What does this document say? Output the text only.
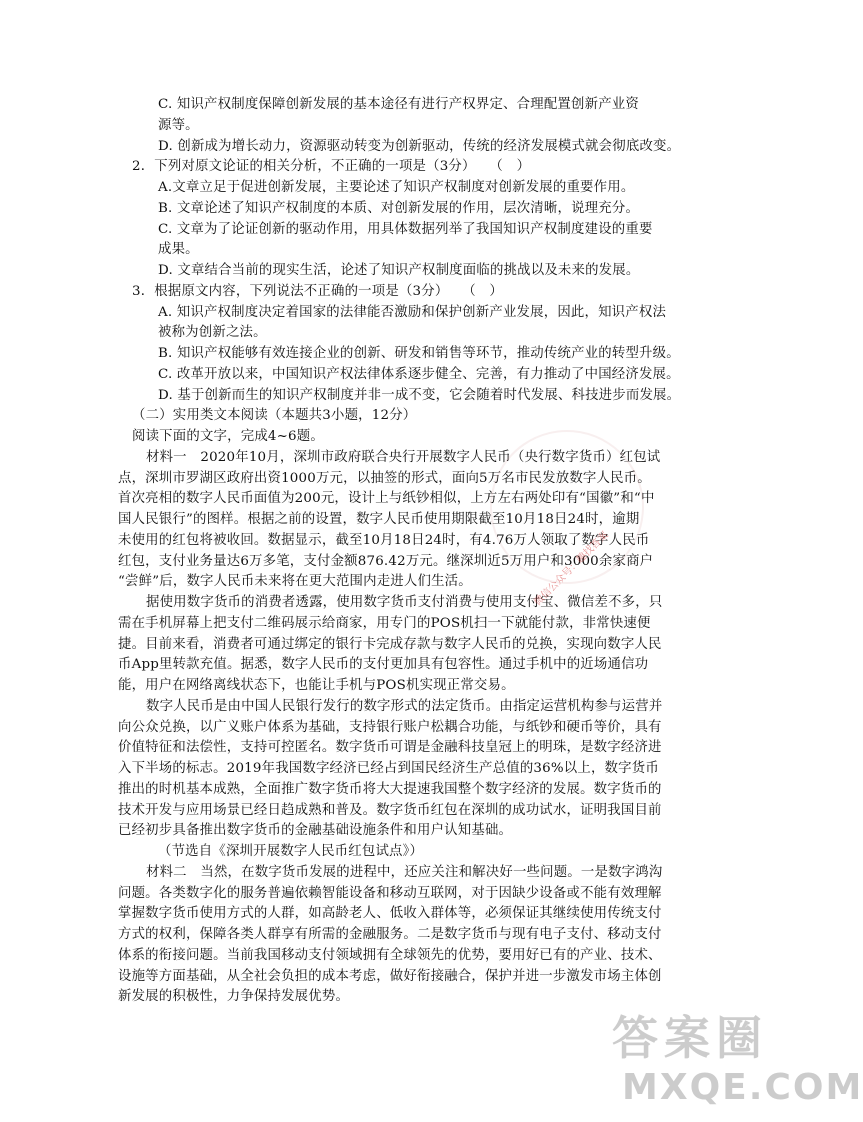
C. 知识产权制度保障创新发展的基本途径有进行产权界定、合理配置创新产业资
源等。
D. 创新成为增长动力，资源驱动转变为创新驱动，传统的经济发展模式就会彻底改变。
2．下列对原文论证的相关分析，不正确的一项是（3分）　　（　）
A.文章立足于促进创新发展，主要论述了知识产权制度对创新发展的重要作用。
B. 文章论述了知识产权制度的本质、对创新发展的作用，层次清晰，说理充分。
C. 文章为了论证创新的驱动作用，用具体数据列举了我国知识产权制度建设的重要
成果。
D. 文章结合当前的现实生活，论述了知识产权制度面临的挑战以及未来的发展。
3．根据原文内容，下列说法不正确的一项是（3分）　　（　）
A. 知识产权制度决定着国家的法律能否激励和保护创新产业发展，因此，知识产权法
被称为创新之法。
B. 知识产权能够有效连接企业的创新、研发和销售等环节，推动传统产业的转型升级。
C. 改革开放以来，中国知识产权法律体系逐步健全、完善，有力推动了中国经济发展。
D. 基于创新而生的知识产权制度并非一成不变，它会随着时代发展、科技进步而发展。
（二）实用类文本阅读（本题共3小题，12分）
阅读下面的文字，完成4~6题。
材料一　2020年10月，深圳市政府联合央行开展数字人民币（央行数字货币）红包试
点，深圳市罗湖区政府出资1000万元，以抽签的形式，面向5万名市民发放数字人民币。
首次亮相的数字人民币面值为200元，设计上与纸钞相似，上方左右两处印有“国徽”和“中
国人民银行”的图样。根据之前的设置，数字人民币使用期限截至10月18日24时，逾期
未使用的红包将被收回。数据显示，截至10月18日24时，有4.76万人领取了数字人民币
红包，支付业务量达6万多笔，支付金额876.42万元。继深圳近5万用户和3000余家商户
“尝鲜”后，数字人民币未来将在更大范围内走进人们生活。
据使用数字货币的消费者透露，使用数字货币支付消费与使用支付宝、微信差不多，只
需在手机屏幕上把支付二维码展示给商家，用专门的POS机扫一下就能付款，非常快速便
捷。目前来看，消费者可通过绑定的银行卡完成存款与数字人民币的兑换，实现向数字人民
币App里转款充值。据悉，数字人民币的支付更加具有包容性。通过手机中的近场通信功
能，用户在网络离线状态下，也能让手机与POS机实现正常交易。
数字人民币是由中国人民银行发行的数字形式的法定货币。由指定运营机构参与运营并
向公众兑换，以广义账户体系为基础，支持银行账户松耦合功能，与纸钞和硬币等价，具有
价值特征和法偿性，支持可控匿名。数字货币可谓是金融科技皇冠上的明珠，是数字经济进
入下半场的标志。2019年我国数字经济已经占到国民经济生产总值的36%以上，数字货币
推出的时机基本成熟，全面推广数字货币将大大提速我国整个数字经济的发展。数字货币的
技术开发与应用场景已经日趋成熟和普及。数字货币红包在深圳的成功试水，证明我国目前
已经初步具备推出数字货币的金融基础设施条件和用户认知基础。
（节选自《深圳开展数字人民币红包试点》）
材料二　当然，在数字货币发展的进程中，还应关注和解决好一些问题。一是数字鸿沟
问题。各类数字化的服务普遍依赖智能设备和移动互联网，对于因缺少设备或不能有效理解
掌握数字货币使用方式的人群，如高龄老人、低收入群体等，必须保证其继续使用传统支付
方式的权利，保障各类人群享有所需的金融服务。二是数字货币与现有电子支付、移动支付
体系的衔接问题。当前我国移动支付领域拥有全球领先的优势，要用好已有的产业、技术、
设施等方面基础，从全社会负担的成本考虑，做好衔接融合，保护并进一步激发市场主体创
新发展的积极性，力争保持发展优势。
微信公众号：趣找答案
答案圈
MXQE.COM
